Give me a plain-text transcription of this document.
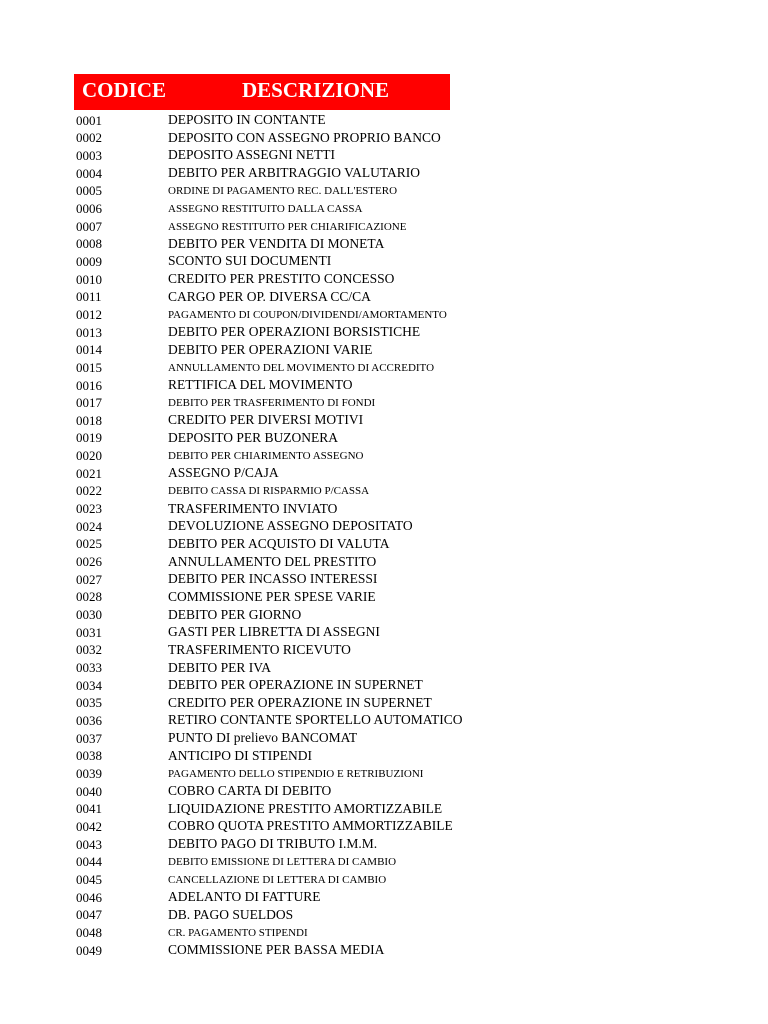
CODICE	DESCRIZIONE
0001	DEPOSITO IN CONTANTE
0002	DEPOSITO CON ASSEGNO PROPRIO BANCO
0003	DEPOSITO ASSEGNI NETTI
0004	DEBITO PER ARBITRAGGIO VALUTARIO
0005	ORDINE DI PAGAMENTO REC. DALL'ESTERO
0006	ASSEGNO RESTITUITO DALLA CASSA
0007	ASSEGNO RESTITUITO PER CHIARIFICAZIONE
0008	DEBITO PER VENDITA DI MONETA
0009	SCONTO SUI DOCUMENTI
0010	CREDITO PER PRESTITO CONCESSO
0011	CARGO PER OP. DIVERSA CC/CA
0012	PAGAMENTO DI COUPON/DIVIDENDI/AMORTAMENTO
0013	DEBITO PER OPERAZIONI BORSISTICHE
0014	DEBITO PER OPERAZIONI VARIE
0015	ANNULLAMENTO DEL MOVIMENTO DI ACCREDITO
0016	RETTIFICA DEL MOVIMENTO
0017	DEBITO PER TRASFERIMENTO DI FONDI
0018	CREDITO PER DIVERSI MOTIVI
0019	DEPOSITO PER BUZONERA
0020	DEBITO PER CHIARIMENTO ASSEGNO
0021	ASSEGNO P/CAJA
0022	DEBITO CASSA DI RISPARMIO P/CASSA
0023	TRASFERIMENTO INVIATO
0024	DEVOLUZIONE ASSEGNO DEPOSITATO
0025	DEBITO PER ACQUISTO DI VALUTA
0026	ANNULLAMENTO DEL PRESTITO
0027	DEBITO PER INCASSO INTERESSI
0028	COMMISSIONE PER SPESE VARIE
0030	DEBITO PER GIORNO
0031	GASTI PER LIBRETTA DI ASSEGNI
0032	TRASFERIMENTO RICEVUTO
0033	DEBITO PER IVA
0034	DEBITO PER OPERAZIONE IN SUPERNET
0035	CREDITO PER OPERAZIONE IN SUPERNET
0036	RETIRO CONTANTE SPORTELLO AUTOMATICO
0037	PUNTO DI prelievo BANCOMAT
0038	ANTICIPO DI STIPENDI
0039	PAGAMENTO DELLO STIPENDIO E RETRIBUZIONI
0040	COBRO CARTA DI DEBITO
0041	LIQUIDAZIONE PRESTITO AMORTIZZABILE
0042	COBRO QUOTA PRESTITO AMMORTIZZABILE
0043	DEBITO PAGO DI TRIBUTO I.M.M.
0044	DEBITO EMISSIONE DI LETTERA DI CAMBIO
0045	CANCELLAZIONE DI LETTERA DI CAMBIO
0046	ADELANTO DI FATTURE
0047	DB. PAGO SUELDOS
0048	CR. PAGAMENTO STIPENDI
0049	COMMISSIONE PER BASSA MEDIA
